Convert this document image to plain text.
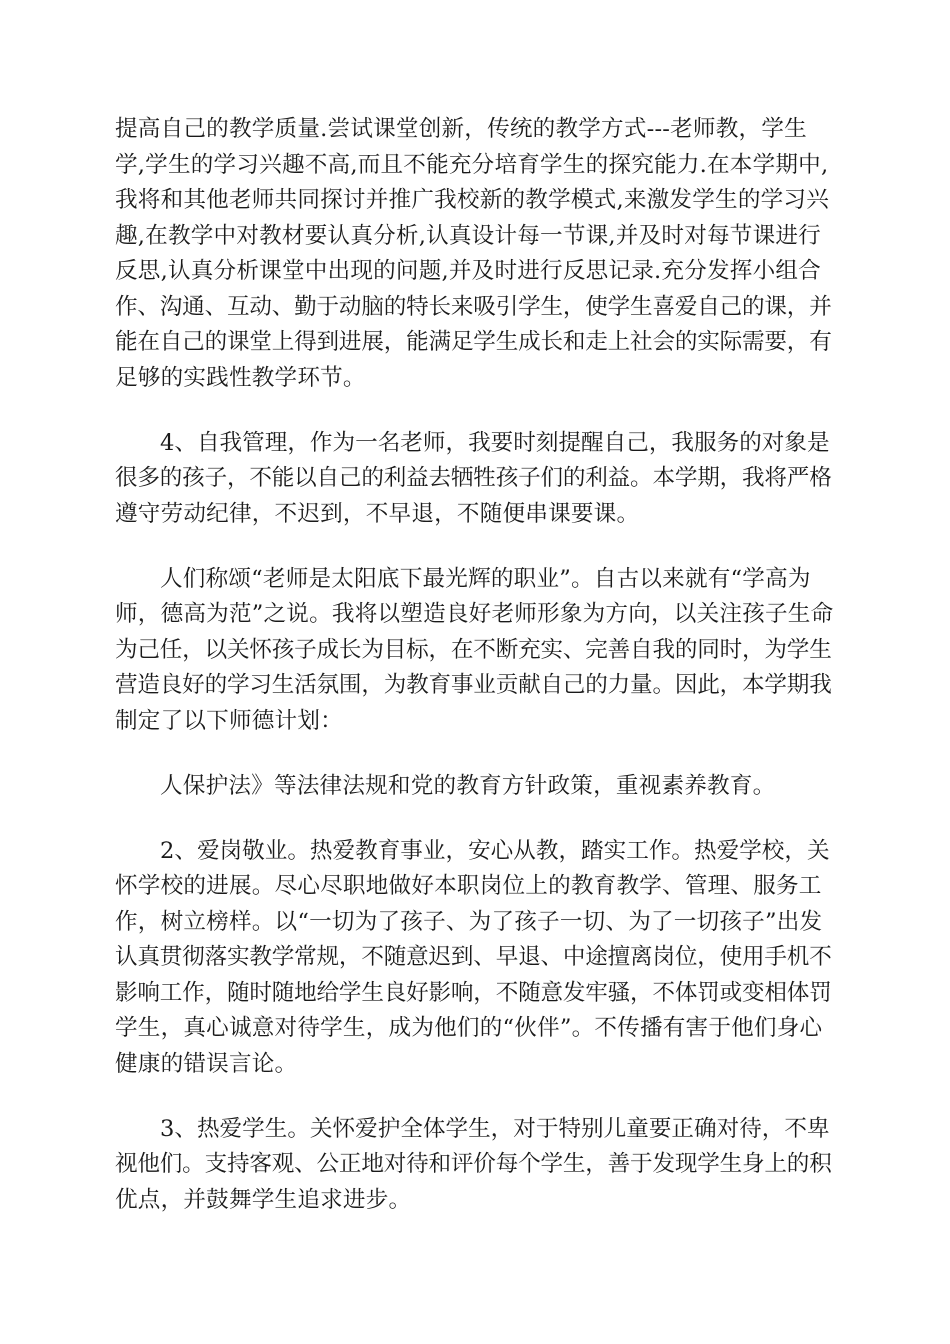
提高自己的教学质量.尝试课堂创新，传统的教学方式---老师教，学生
学,学生的学习兴趣不高,而且不能充分培育学生的探究能力.在本学期中,
我将和其他老师共同探讨并推广我校新的教学模式,来激发学生的学习兴
趣,在教学中对教材要认真分析,认真设计每一节课,并及时对每节课进行
反思,认真分析课堂中出现的问题,并及时进行反思记录.充分发挥小组合
作、沟通、互动、勤于动脑的特长来吸引学生，使学生喜爱自己的课，并
能在自己的课堂上得到进展，能满足学生成长和走上社会的实际需要，有
足够的实践性教学环节。

4、自我管理，作为一名老师，我要时刻提醒自己，我服务的对象是
很多的孩子，不能以自己的利益去牺牲孩子们的利益。本学期，我将严格
遵守劳动纪律，不迟到，不早退，不随便串课要课。

人们称颂“老师是太阳底下最光辉的职业”。自古以来就有“学高为
师，德高为范”之说。我将以塑造良好老师形象为方向，以关注孩子生命
为己任，以关怀孩子成长为目标，在不断充实、完善自我的同时，为学生
营造良好的学习生活氛围，为教育事业贡献自己的力量。因此，本学期我
制定了以下师德计划：

人保护法》等法律法规和党的教育方针政策，重视素养教育。

2、爱岗敬业。热爱教育事业，安心从教，踏实工作。热爱学校，关
怀学校的进展。尽心尽职地做好本职岗位上的教育教学、管理、服务工
作，树立榜样。以“一切为了孩子、为了孩子一切、为了一切孩子”出发
认真贯彻落实教学常规，不随意迟到、早退、中途擅离岗位，使用手机不
影响工作，随时随地给学生良好影响，不随意发牢骚，不体罚或变相体罚
学生，真心诚意对待学生，成为他们的“伙伴”。不传播有害于他们身心
健康的错误言论。

3、热爱学生。关怀爱护全体学生，对于特别儿童要正确对待，不卑
视他们。支持客观、公正地对待和评价每个学生，善于发现学生身上的积
优点，并鼓舞学生追求进步。
